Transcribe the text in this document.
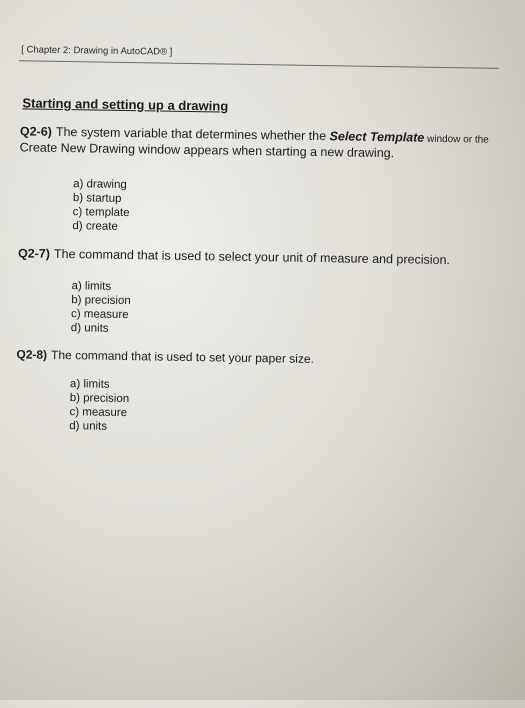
​
[ Chapter 2: Drawing in AutoCAD® ]
Starting and setting up a drawing
Q2-6) The system variable that determines whether the Select Template window or the
Create New Drawing window appears when starting a new drawing.
a) drawing
b) startup
c) template
d) create
Q2-7) The command that is used to select your unit of measure and precision.
a) limits
b) precision
c) measure
d) units
Q2-8) The command that is used to set your paper size.
a) limits
b) precision
c) measure
d) units
